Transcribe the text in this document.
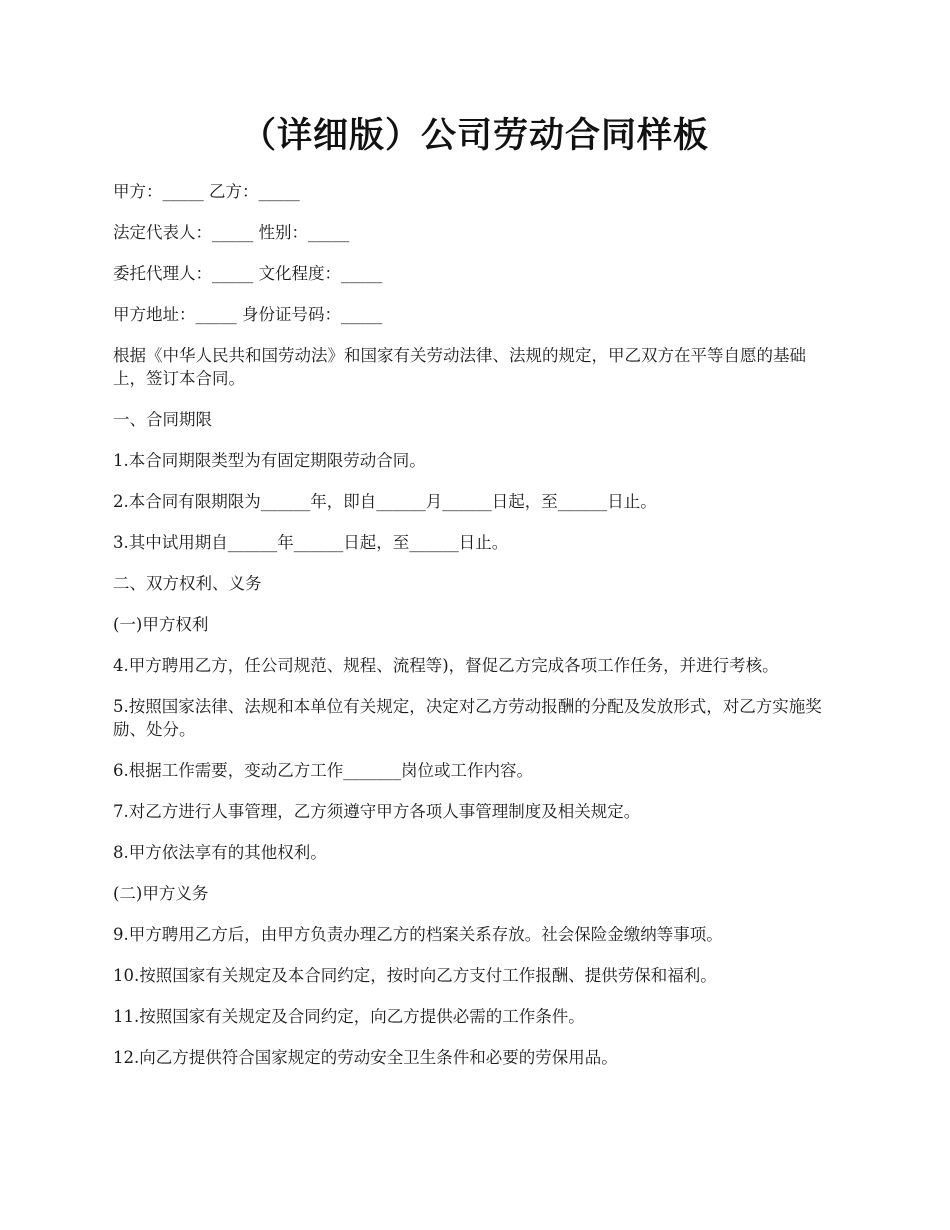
（详细版）公司劳动合同样板

甲方：_____ 乙方：_____

法定代表人：_____ 性别：_____

委托代理人：_____ 文化程度：_____

甲方地址：_____ 身份证号码：_____

根据《中华人民共和国劳动法》和国家有关劳动法律、法规的规定，甲乙双方在平等自愿的基础上，签订本合同。

一、合同期限

1.本合同期限类型为有固定期限劳动合同。

2.本合同有限期限为______年，即自______月______日起，至______日止。

3.其中试用期自______年______日起，至______日止。

二、双方权利、义务

(一)甲方权利

4.甲方聘用乙方，任公司规范、规程、流程等)，督促乙方完成各项工作任务，并进行考核。

5.按照国家法律、法规和本单位有关规定，决定对乙方劳动报酬的分配及发放形式，对乙方实施奖励、处分。

6.根据工作需要，变动乙方工作_______岗位或工作内容。

7.对乙方进行人事管理，乙方须遵守甲方各项人事管理制度及相关规定。

8.甲方依法享有的其他权利。

(二)甲方义务

9.甲方聘用乙方后，由甲方负责办理乙方的档案关系存放。社会保险金缴纳等事项。

10.按照国家有关规定及本合同约定，按时向乙方支付工作报酬、提供劳保和福利。

11.按照国家有关规定及合同约定，向乙方提供必需的工作条件。

12.向乙方提供符合国家规定的劳动安全卫生条件和必要的劳保用品。
